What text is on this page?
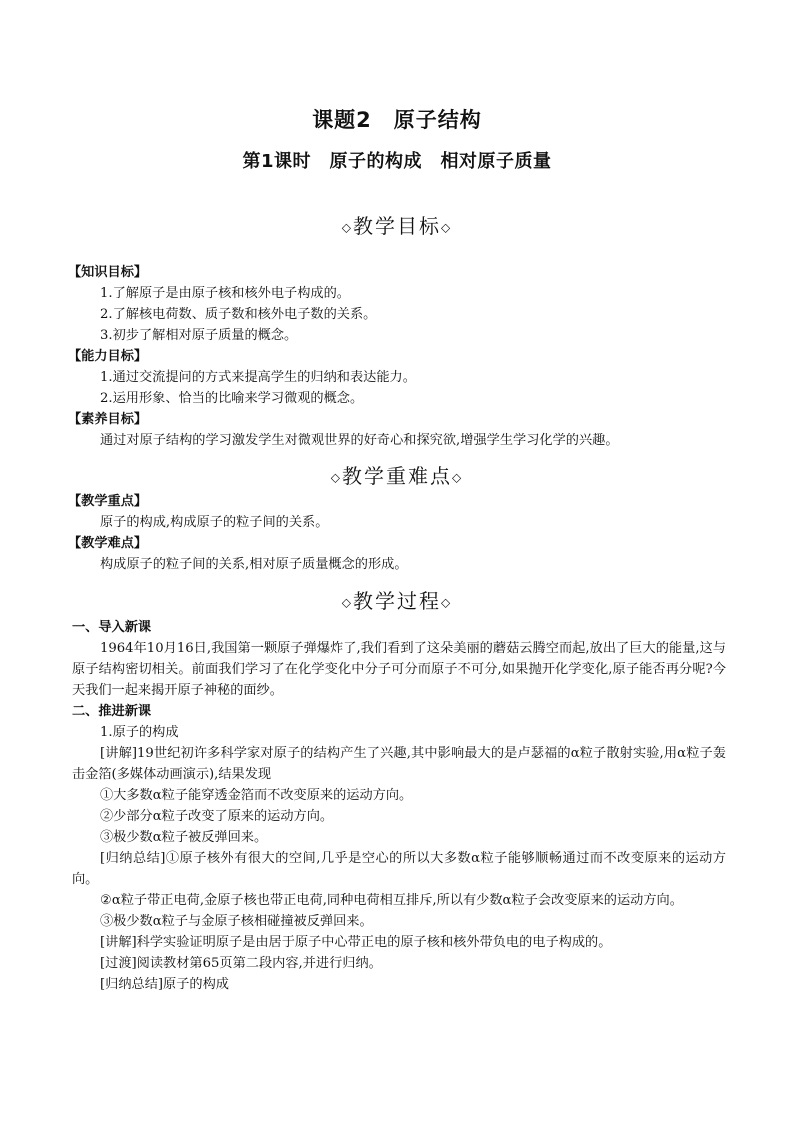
课题2　原子结构
第1课时　原子的构成　相对原子质量
◇教学目标◇
【知识目标】
1.了解原子是由原子核和核外电子构成的。
2.了解核电荷数、质子数和核外电子数的关系。
3.初步了解相对原子质量的概念。
【能力目标】
1.通过交流提问的方式来提高学生的归纳和表达能力。
2.运用形象、恰当的比喻来学习微观的概念。
【素养目标】
通过对原子结构的学习激发学生对微观世界的好奇心和探究欲,增强学生学习化学的兴趣。
◇教学重难点◇
【教学重点】
原子的构成,构成原子的粒子间的关系。
【教学难点】
构成原子的粒子间的关系,相对原子质量概念的形成。
◇教学过程◇
一、导入新课
1964年10月16日,我国第一颗原子弹爆炸了,我们看到了这朵美丽的蘑菇云腾空而起,放出了巨大的能量,这与原子结构密切相关。前面我们学习了在化学变化中分子可分而原子不可分,如果抛开化学变化,原子能否再分呢?今天我们一起来揭开原子神秘的面纱。
二、推进新课
1.原子的构成
[讲解]19世纪初许多科学家对原子的结构产生了兴趣,其中影响最大的是卢瑟福的α粒子散射实验,用α粒子轰击金箔(多媒体动画演示),结果发现
①大多数α粒子能穿透金箔而不改变原来的运动方向。
②少部分α粒子改变了原来的运动方向。
③极少数α粒子被反弹回来。
[归纳总结]①原子核外有很大的空间,几乎是空心的所以大多数α粒子能够顺畅通过而不改变原来的运动方向。
②α粒子带正电荷,金原子核也带正电荷,同种电荷相互排斥,所以有少数α粒子会改变原来的运动方向。
③极少数α粒子与金原子核相碰撞被反弹回来。
[讲解]科学实验证明原子是由居于原子中心带正电的原子核和核外带负电的电子构成的。
[过渡]阅读教材第65页第二段内容,并进行归纳。
[归纳总结]原子的构成
